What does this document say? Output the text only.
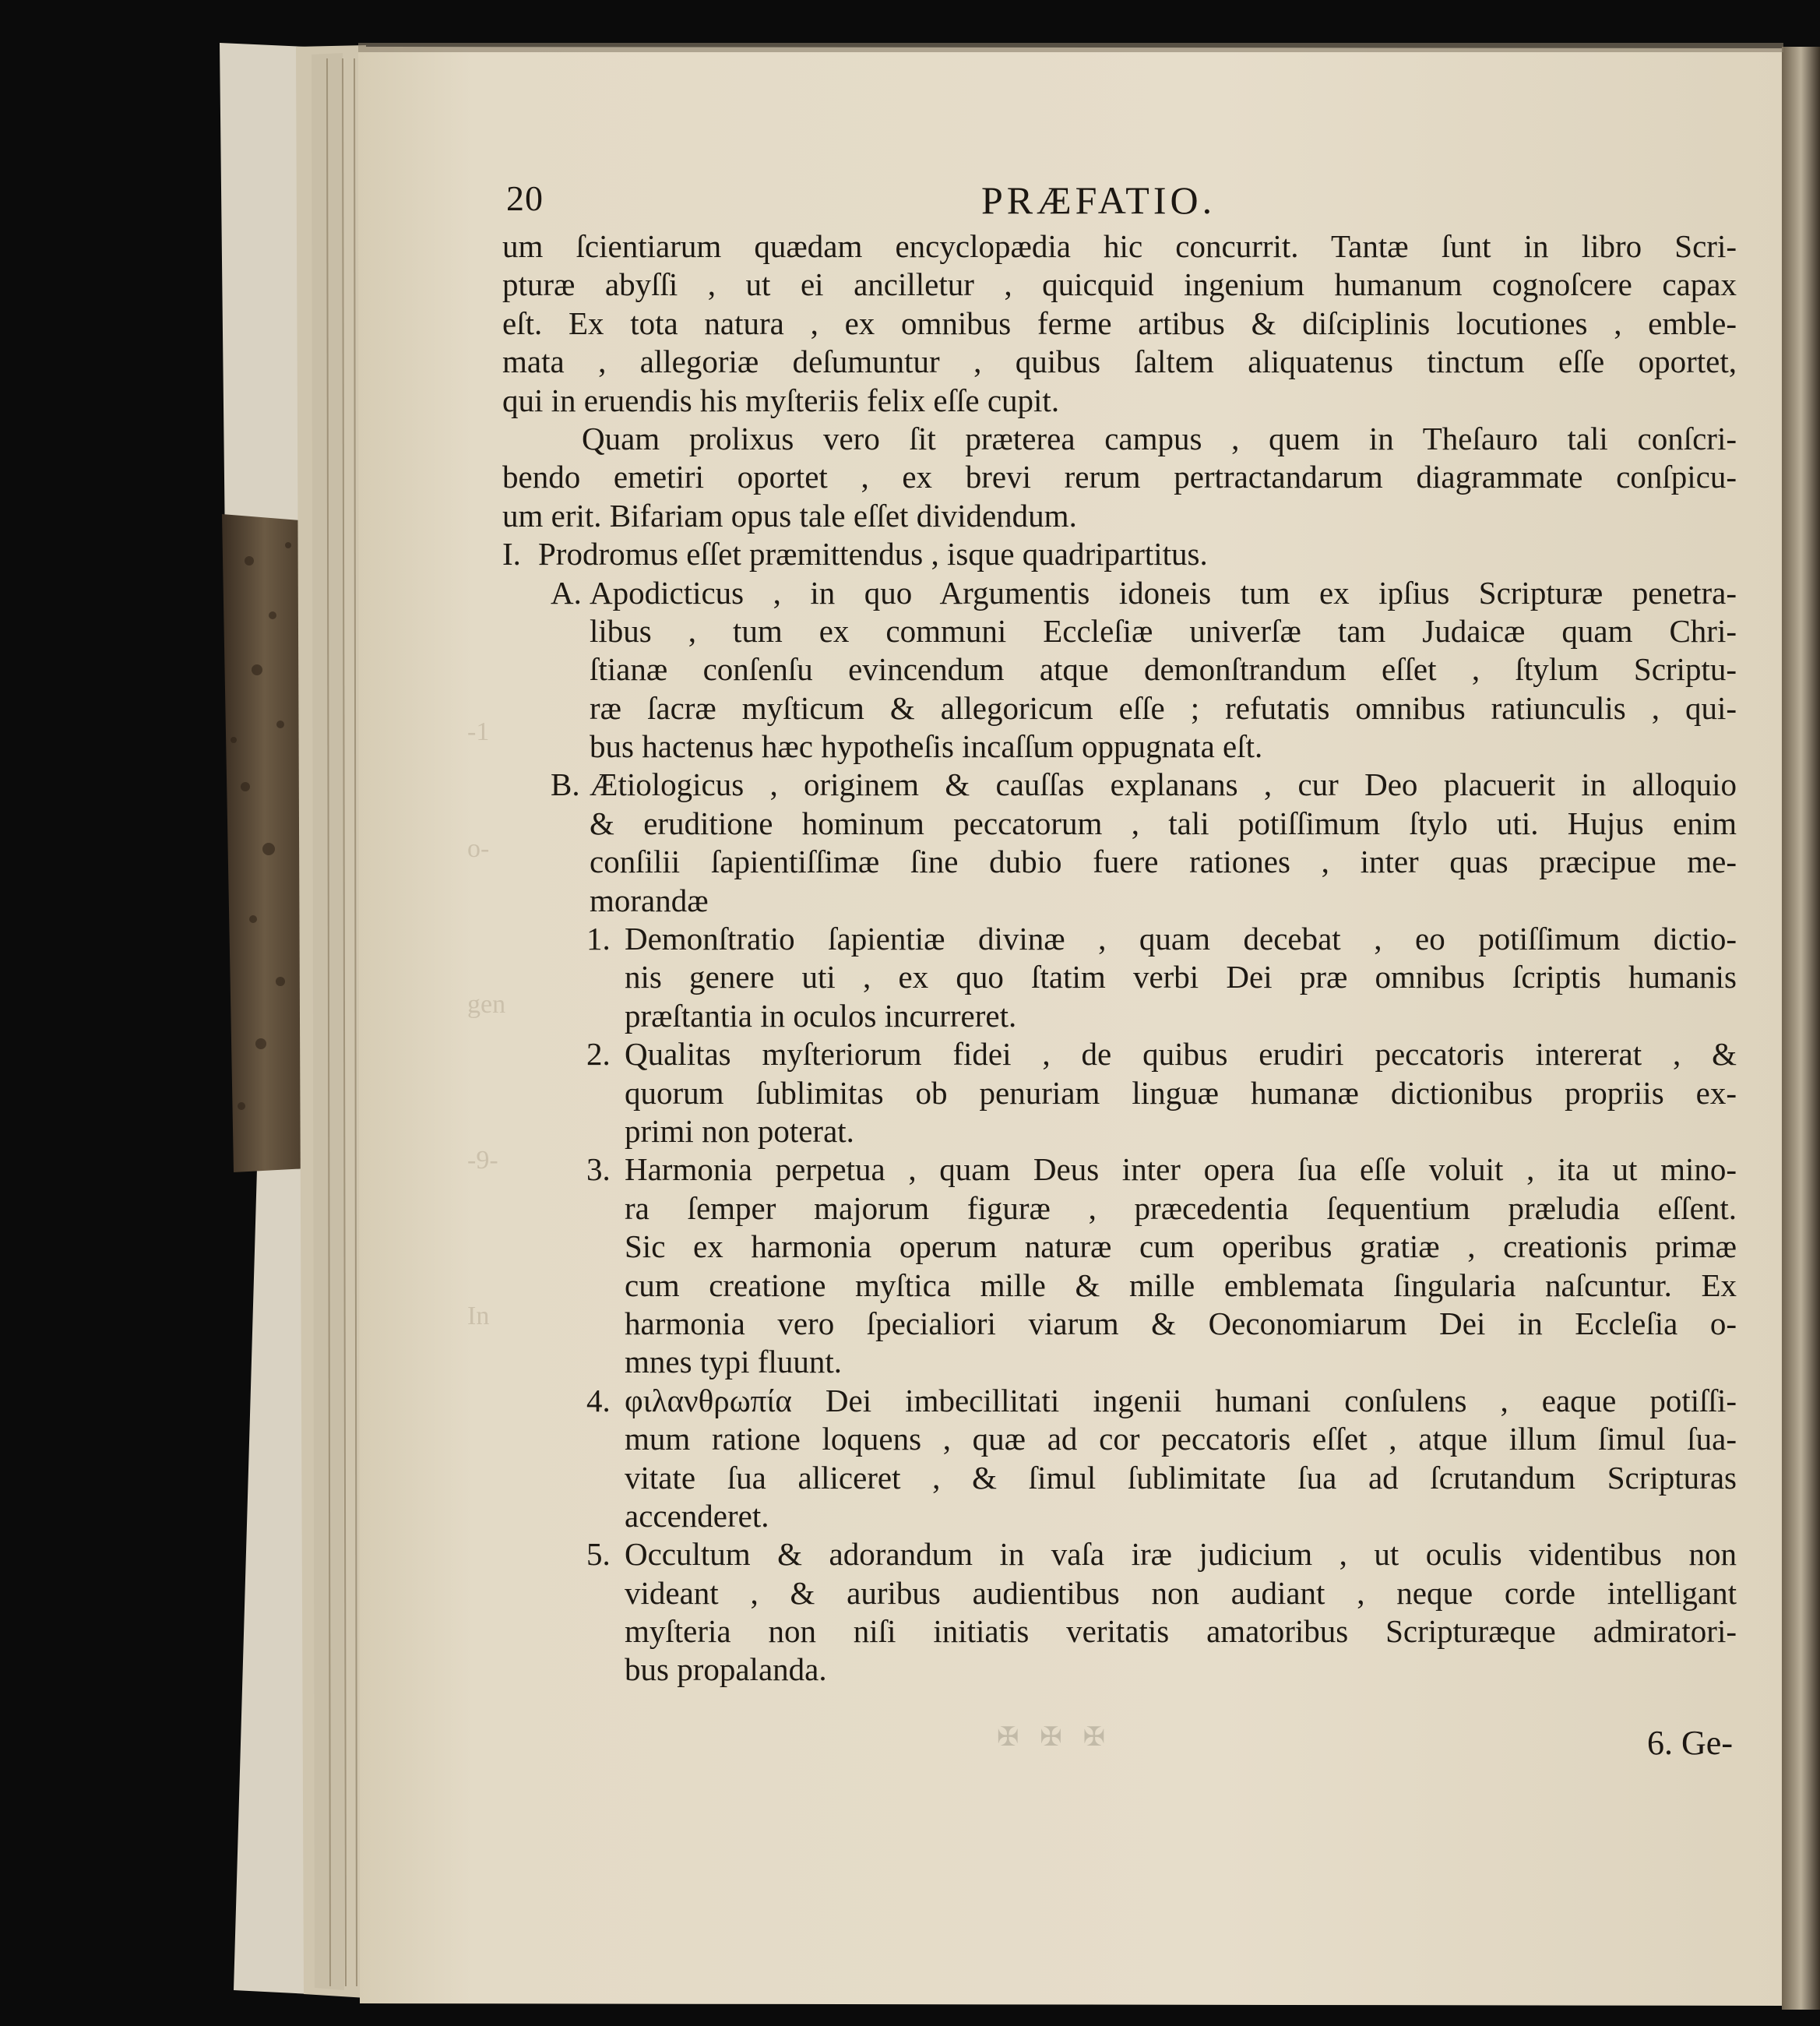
-1
o-
gen
-9-
In
20	PRÆFATIO.
um ſcientiarum quædam encyclopædia hic concurrit. Tantæ ſunt in libro Scri-
pturæ abyſſi , ut ei ancilletur , quicquid ingenium humanum cognoſcere capax
eſt. Ex tota natura , ex omnibus ferme artibus & diſciplinis locutiones , emble-
mata , allegoriæ deſumuntur , quibus ſaltem aliquatenus tinctum eſſe oportet,
qui in eruendis his myſteriis felix eſſe cupit.
Quam prolixus vero ſit præterea campus , quem in Theſauro tali conſcri-
bendo emetiri oportet , ex brevi rerum pertractandarum diagrammate conſpicu-
um erit. Bifariam opus tale eſſet dividendum.
I. Prodromus eſſet præmittendus , isque quadripartitus.
A. Apodicticus , in quo Argumentis idoneis tum ex ipſius Scripturæ penetra-
libus , tum ex communi Eccleſiæ univerſæ tam Judaicæ quam Chri-
ſtianæ conſenſu evincendum atque demonſtrandum eſſet , ſtylum Scriptu-
ræ ſacræ myſticum & allegoricum eſſe ; refutatis omnibus ratiunculis , qui-
bus hactenus hæc hypotheſis incaſſum oppugnata eſt.
B. Ætiologicus , originem & cauſſas explanans , cur Deo placuerit in alloquio
& eruditione hominum peccatorum , tali potiſſimum ſtylo uti. Hujus enim
conſilii ſapientiſſimæ ſine dubio fuere rationes , inter quas præcipue me-
morandæ
1. Demonſtratio ſapientiæ divinæ , quam decebat , eo potiſſimum dictio-
nis genere uti , ex quo ſtatim verbi Dei præ omnibus ſcriptis humanis
præſtantia in oculos incurreret.
2. Qualitas myſteriorum fidei , de quibus erudiri peccatoris intererat , &
quorum ſublimitas ob penuriam linguæ humanæ dictionibus propriis ex-
primi non poterat.
3. Harmonia perpetua , quam Deus inter opera ſua eſſe voluit , ita ut mino-
ra ſemper majorum figuræ , præcedentia ſequentium præludia eſſent.
Sic ex harmonia operum naturæ cum operibus gratiæ , creationis primæ
cum creatione myſtica mille & mille emblemata ſingularia naſcuntur. Ex
harmonia vero ſpecialiori viarum & Oeconomiarum Dei in Eccleſia o-
mnes typi fluunt.
4. φιλανθρωπία Dei imbecillitati ingenii humani conſulens , eaque potiſſi-
mum ratione loquens , quæ ad cor peccatoris eſſet , atque illum ſimul ſua-
vitate ſua alliceret , & ſimul ſublimitate ſua ad ſcrutandum Scripturas
accenderet.
5. Occultum & adorandum in vaſa iræ judicium , ut oculis videntibus non
videant , & auribus audientibus non audiant , neque corde intelligant
myſteria non niſi initiatis veritatis amatoribus Scripturæque admiratori-
bus propalanda.
✠ ✠ ✠	6. Ge-
